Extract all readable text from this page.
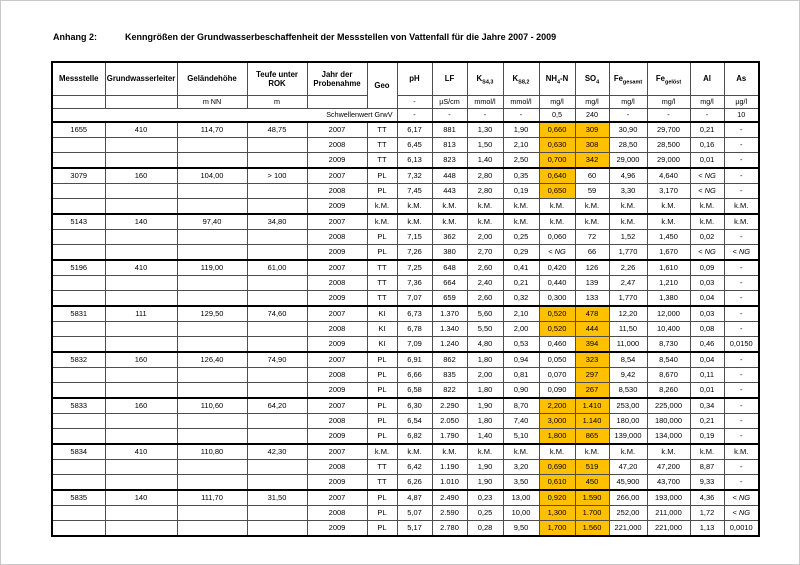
Anhang 2:	Kenngrößen der Grundwasserbeschaffenheit der Messstellen von Vattenfall für die Jahre 2007 - 2009
Messstelle	Grundwasserleiter	Geländehöhe	Teufe unter ROK	Jahr der Probenahme	Geo	pH	LF	$K_{S4,3}$	$K_{S8,2}$	$NH_4-N$	$SO_4$	$Fe_{gesamt}$	$Fe_{gelöst}$	Al	As
		m NN	m			-	µS/cm	mmol/l	mmol/l	mg/l	mg/l	mg/l	mg/l	mg/l	µg/l
Schwellenwert GrwV						-	-	-	-	0,5	240	-	-	-	10
1655	410	114,70	48,75	2007	TT	6,17	881	1,30	1,90	0,660	309	30,90	29,700	0,21	-
				2008	TT	6,45	813	1,50	2,10	0,630	308	28,50	28,500	0,16	-
				2009	TT	6,13	823	1,40	2,50	0,700	342	29,000	29,000	0,01	-
3079	160	104,00	> 100	2007	PL	7,32	448	2,80	0,35	0,640	60	4,96	4,640	< NG	-
				2008	PL	7,45	443	2,80	0,19	0,650	59	3,30	3,170	< NG	-
				2009	k.M.	k.M.	k.M.	k.M.	k.M.	k.M.	k.M.	k.M.	k.M.	k.M.	k.M.
5143	140	97,40	34,80	2007	k.M.	k.M.	k.M.	k.M.	k.M.	k.M.	k.M.	k.M.	k.M.	k.M.	k.M.
				2008	PL	7,15	362	2,00	0,25	0,060	72	1,52	1,450	0,02	-
				2009	PL	7,26	380	2,70	0,29	< NG	66	1,770	1,670	< NG	< NG
5196	410	119,00	61,00	2007	TT	7,25	648	2,60	0,41	0,420	126	2,26	1,610	0,09	-
				2008	TT	7,36	664	2,40	0,21	0,440	139	2,47	1,210	0,03	-
				2009	TT	7,07	659	2,60	0,32	0,300	133	1,770	1,380	0,04	-
5831	111	129,50	74,60	2007	KI	6,73	1.370	5,60	2,10	0,520	478	12,20	12,000	0,03	-
				2008	KI	6,78	1.340	5,50	2,00	0,520	444	11,50	10,400	0,08	-
				2009	KI	7,09	1.240	4,80	0,53	0,460	394	11,000	8,730	0,46	0,0150
5832	160	126,40	74,90	2007	PL	6,91	862	1,80	0,94	0,050	323	8,54	8,540	0,04	-
				2008	PL	6,66	835	2,00	0,81	0,070	297	9,42	8,670	0,11	-
				2009	PL	6,58	822	1,80	0,90	0,090	267	8,530	8,260	0,01	-
5833	160	110,60	64,20	2007	PL	6,30	2.290	1,90	8,70	2,200	1.410	253,00	225,000	0,34	-
				2008	PL	6,54	2.050	1,80	7,40	3,000	1.140	180,00	180,000	0,21	-
				2009	PL	6,82	1.790	1,40	5,10	1,800	865	139,000	134,000	0,19	-
5834	410	110,80	42,30	2007	k.M.	k.M.	k.M.	k.M.	k.M.	k.M.	k.M.	k.M.	k.M.	k.M.	k.M.
				2008	TT	6,42	1.190	1,90	3,20	0,690	519	47,20	47,200	8,87	-
				2009	TT	6,26	1.010	1,90	3,50	0,610	450	45,900	43,700	9,33	-
5835	140	111,70	31,50	2007	PL	4,87	2.490	0,23	13,00	0,920	1.590	266,00	193,000	4,36	< NG
				2008	PL	5,07	2.590	0,25	10,00	1,300	1.700	252,00	211,000	1,72	< NG
				2009	PL	5,17	2.780	0,28	9,50	1,700	1.560	221,000	221,000	1,13	0,0010
